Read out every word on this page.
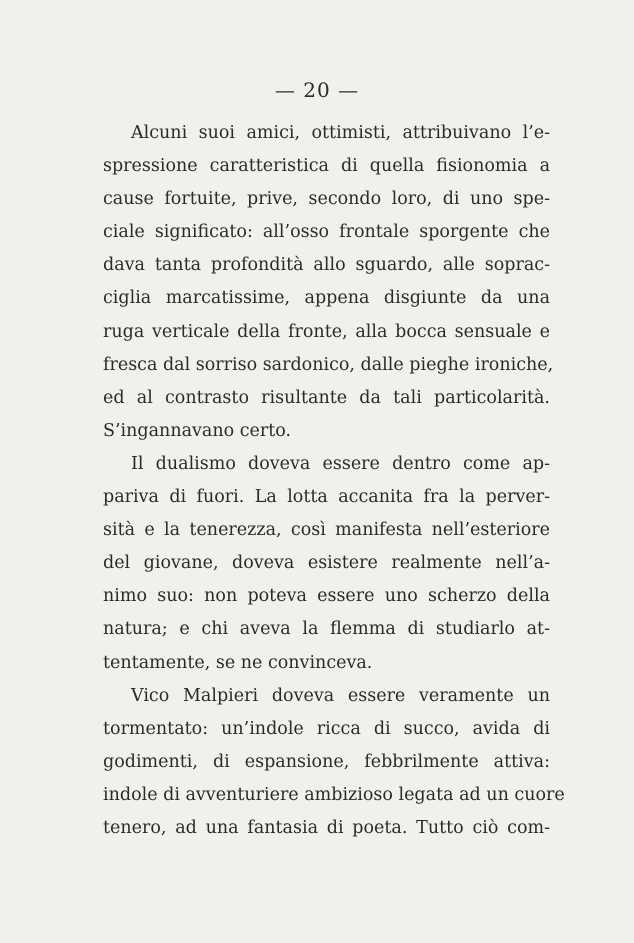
— 20 —
Alcuni suoi amici, ottimisti, attribuivano l’e-
spressione caratteristica di quella fisionomia a
cause fortuite, prive, secondo loro, di uno spe-
ciale significato: all’osso frontale sporgente che
dava tanta profondità allo sguardo, alle soprac-
ciglia marcatissime, appena disgiunte da una
ruga verticale della fronte, alla bocca sensuale e
fresca dal sorriso sardonico, dalle pieghe ironiche,
ed al contrasto risultante da tali particolarità.
S’ingannavano certo.
Il dualismo doveva essere dentro come ap-
pariva di fuori. La lotta accanita fra la perver-
sità e la tenerezza, così manifesta nell’esteriore
del giovane, doveva esistere realmente nell’a-
nimo suo: non poteva essere uno scherzo della
natura; e chi aveva la flemma di studiarlo at-
tentamente, se ne convinceva.
Vico Malpieri doveva essere veramente un
tormentato: un’indole ricca di succo, avida di
godimenti, di espansione, febbrilmente attiva:
indole di avventuriere ambizioso legata ad un cuore
tenero, ad una fantasia di poeta. Tutto ciò com-
